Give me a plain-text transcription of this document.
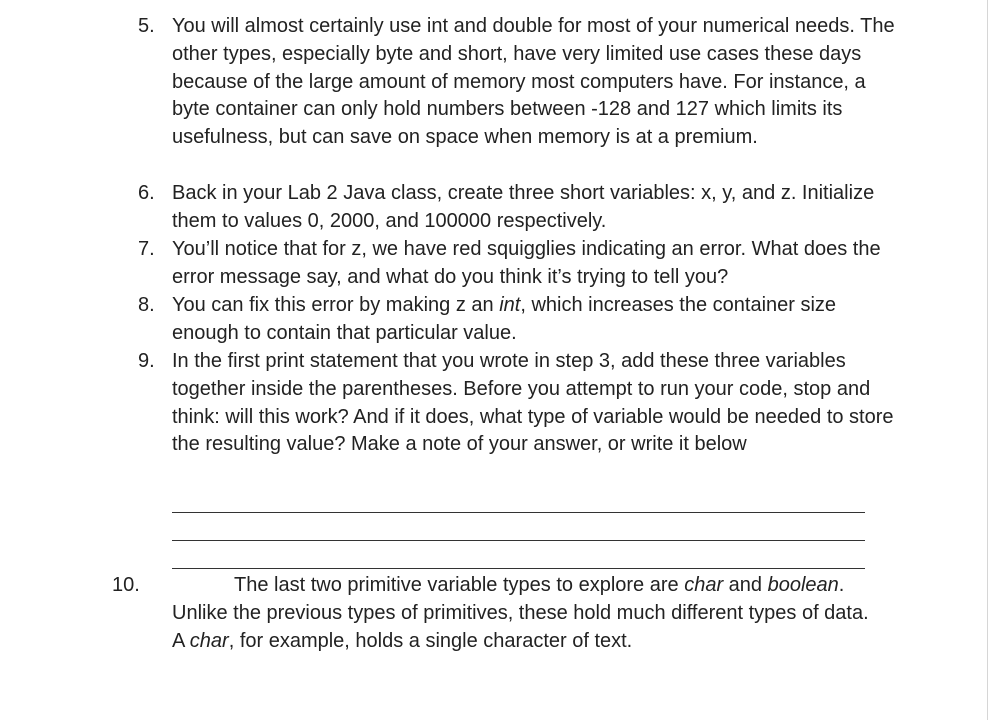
5. You will almost certainly use int and double for most of your numerical needs. The other types, especially byte and short, have very limited use cases these days because of the large amount of memory most computers have. For instance, a byte container can only hold numbers between -128 and 127 which limits its usefulness, but can save on space when memory is at a premium.
6. Back in your Lab 2 Java class, create three short variables: x, y, and z. Initialize them to values 0, 2000, and 100000 respectively.
7. You’ll notice that for z, we have red squigglies indicating an error. What does the error message say, and what do you think it’s trying to tell you?
8. You can fix this error by making z an int, which increases the container size enough to contain that particular value.
9. In the first print statement that you wrote in step 3, add these three variables together inside the parentheses. Before you attempt to run your code, stop and think: will this work? And if it does, what type of variable would be needed to store the resulting value? Make a note of your answer, or write it below
10.	The last two primitive variable types to explore are char and boolean. Unlike the previous types of primitives, these hold much different types of data. A char, for example, holds a single character of text.
